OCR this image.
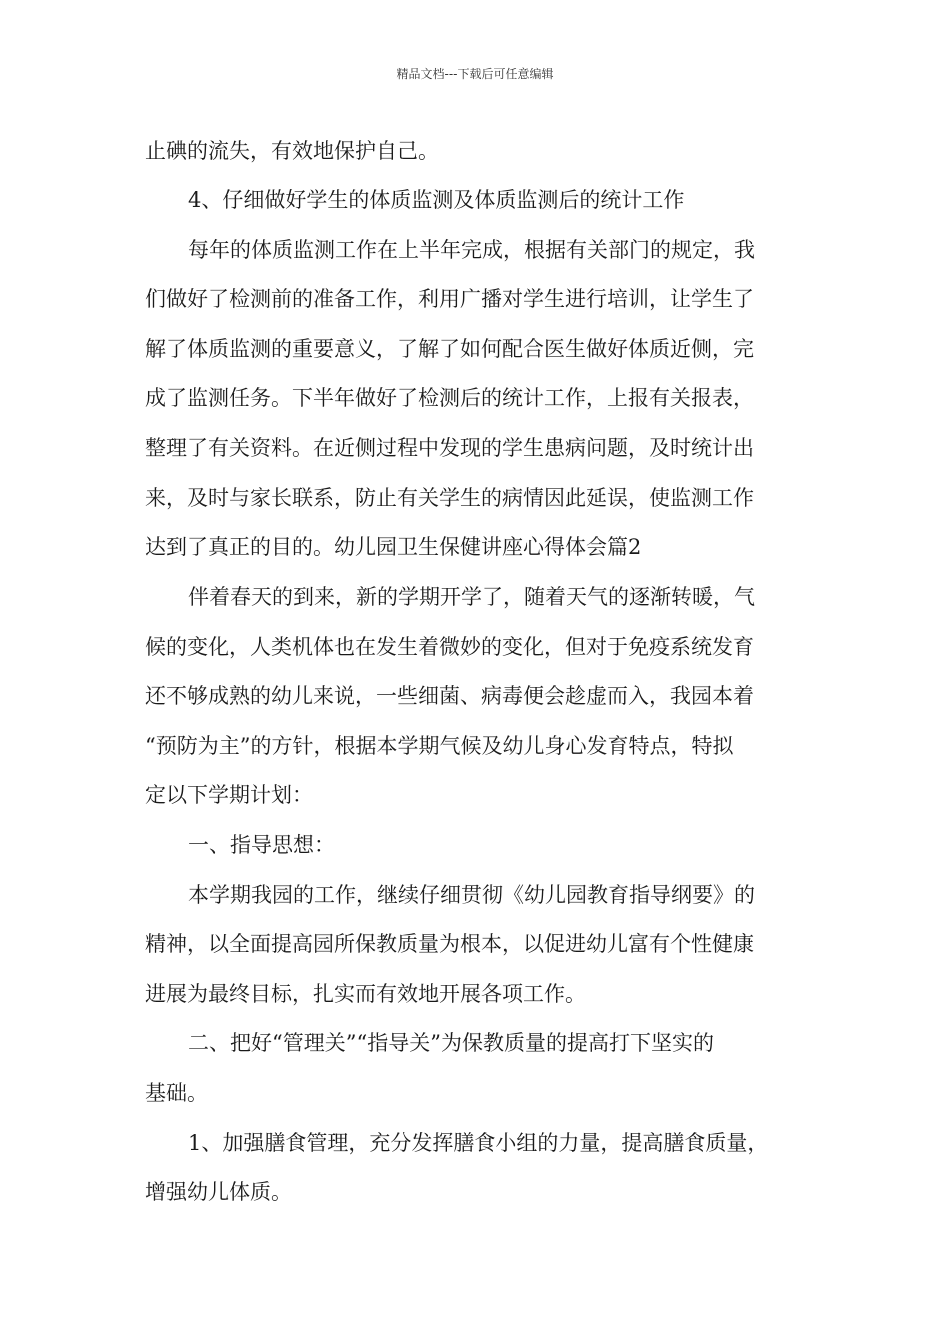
精品文档---下载后可任意编辑
止碘的流失，有效地保护自己。
4、仔细做好学生的体质监测及体质监测后的统计工作
每年的体质监测工作在上半年完成，根据有关部门的规定，我
们做好了检测前的准备工作，利用广播对学生进行培训，让学生了
解了体质监测的重要意义，了解了如何配合医生做好体质近侧，完
成了监测任务。下半年做好了检测后的统计工作，上报有关报表，
整理了有关资料。在近侧过程中发现的学生患病问题，及时统计出
来，及时与家长联系，防止有关学生的病情因此延误，使监测工作
达到了真正的目的。幼儿园卫生保健讲座心得体会篇2
伴着春天的到来，新的学期开学了，随着天气的逐渐转暖，气
候的变化，人类机体也在发生着微妙的变化，但对于免疫系统发育
还不够成熟的幼儿来说，一些细菌、病毒便会趁虚而入，我园本着
“预防为主”的方针，根据本学期气候及幼儿身心发育特点，特拟
定以下学期计划：
一、指导思想：
本学期我园的工作，继续仔细贯彻《幼儿园教育指导纲要》的
精神，以全面提高园所保教质量为根本，以促进幼儿富有个性健康
进展为最终目标，扎实而有效地开展各项工作。
二、把好“管理关”“指导关”为保教质量的提高打下坚实的
基础。
1、加强膳食管理，充分发挥膳食小组的力量，提高膳食质量，
增强幼儿体质。
